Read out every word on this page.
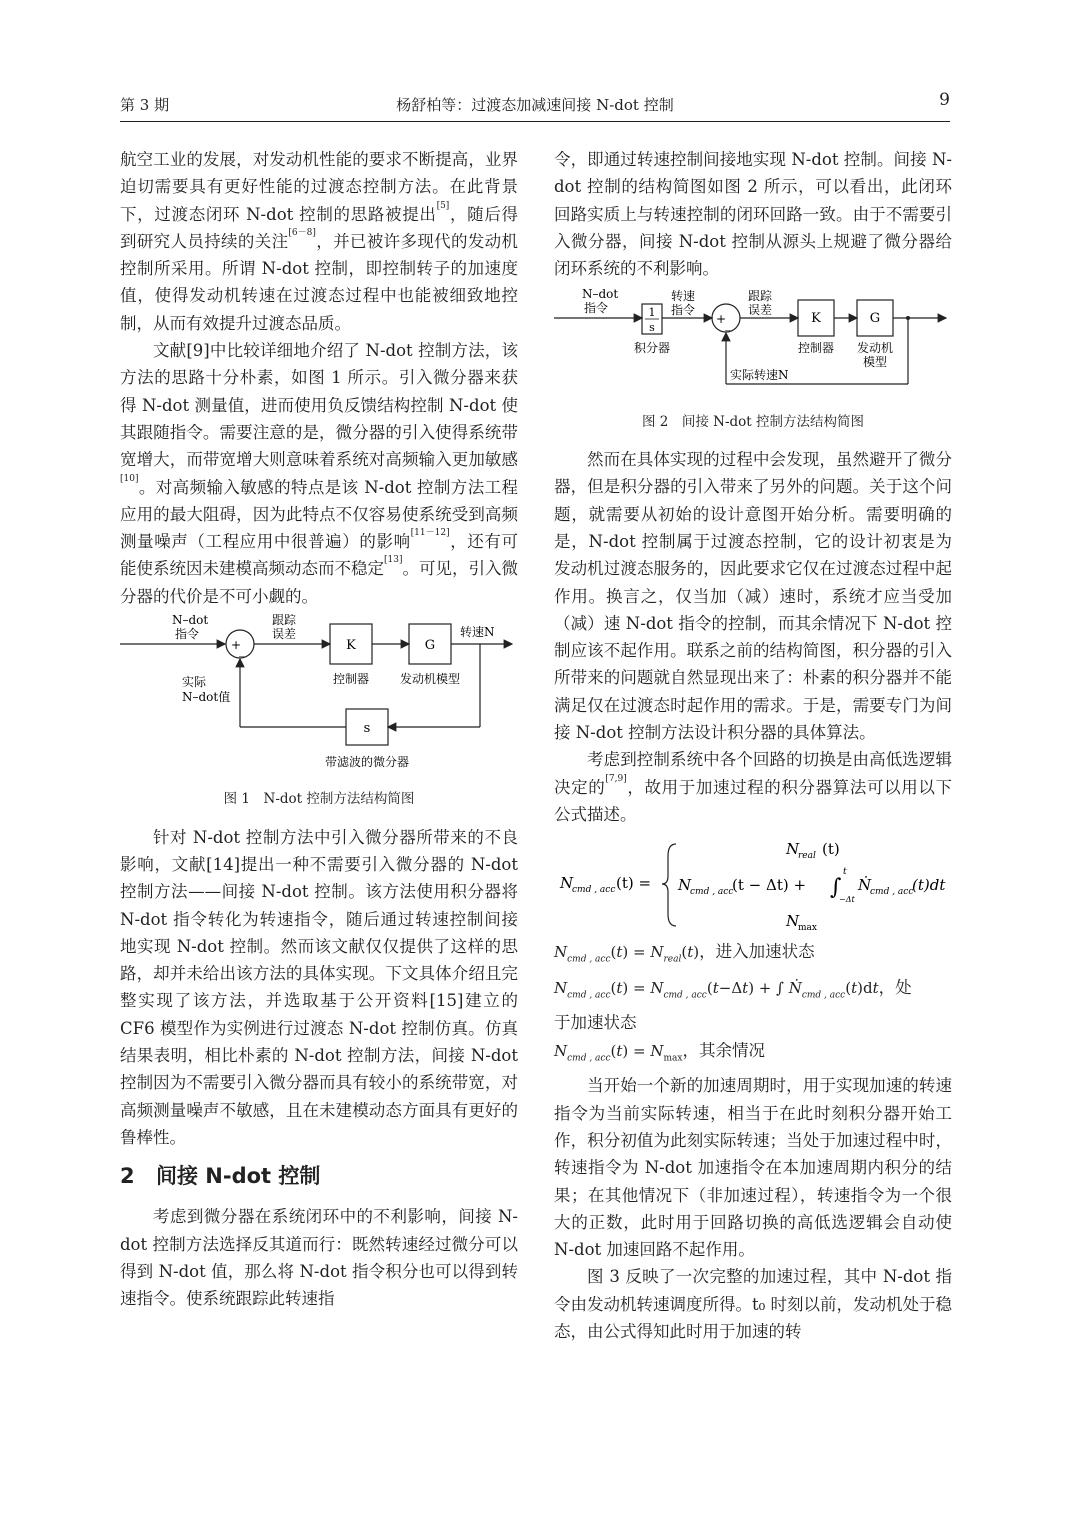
第 3 期	杨舒柏等：过渡态加减速间接 N-dot 控制	9

航空工业的发展，对发动机性能的要求不断提高，业界迫切需要具有更好性能的过渡态控制方法。在此背景下，过渡态闭环 N-dot 控制的思路被提出[5]，随后得到研究人员持续的关注[6－8]，并已被许多现代的发动机控制所采用。所谓 N-dot 控制，即控制转子的加速度值，使得发动机转速在过渡态过程中也能被细致地控制，从而有效提升过渡态品质。

文献[9]中比较详细地介绍了 N-dot 控制方法，该方法的思路十分朴素，如图 1 所示。引入微分器来获得 N-dot 测量值，进而使用负反馈结构控制 N-dot 使其跟随指令。需要注意的是，微分器的引入使得系统带宽增大，而带宽增大则意味着系统对高频输入更加敏感[10]。对高频输入敏感的特点是该 N-dot 控制方法工程应用的最大阻碍，因为此特点不仅容易使系统受到高频测量噪声（工程应用中很普遍）的影响[11－12]，还有可能使系统因未建模高频动态而不稳定[13]。可见，引入微分器的代价是不可小觑的。

N–dot
指令
跟踪
误差
+
_	K	G
转速N
控制器	发动机模型
s
实际
N–dot值
带滤波的微分器
图 1　N-dot 控制方法结构简图

针对 N-dot 控制方法中引入微分器所带来的不良影响，文献[14]提出一种不需要引入微分器的 N-dot 控制方法——间接 N-dot 控制。该方法使用积分器将 N-dot 指令转化为转速指令，随后通过转速控制间接地实现 N-dot 控制。然而该文献仅仅提供了这样的思路，却并未给出该方法的具体实现。下文具体介绍且完整实现了该方法，并选取基于公开资料[15]建立的 CF6 模型作为实例进行过渡态 N-dot 控制仿真。仿真结果表明，相比朴素的 N-dot 控制方法，间接 N-dot 控制因为不需要引入微分器而具有较小的系统带宽，对高频测量噪声不敏感，且在未建模动态方面具有更好的鲁棒性。

2 间接 N-dot 控制

考虑到微分器在系统闭环中的不利影响，间接 N-dot 控制方法选择反其道而行：既然转速经过微分可以得到 N-dot 值，那么将 N-dot 指令积分也可以得到转速指令。使系统跟踪此转速指

令，即通过转速控制间接地实现 N-dot 控制。间接 N-dot 控制的结构简图如图 2 所示，可以看出，此闭环回路实质上与转速控制的闭环回路一致。由于不需要引入微分器，间接 N-dot 控制从源头上规避了微分器给闭环系统的不利影响。

N–dot
指令	1
s
积分器
转速
指令
+
_
跟踪
误差
K
控制器
G
发动机
模型
实际转速N
图 2　间接 N-dot 控制方法结构简图

然而在具体实现的过程中会发现，虽然避开了微分器，但是积分器的引入带来了另外的问题。关于这个问题，就需要从初始的设计意图开始分析。需要明确的是，N-dot 控制属于过渡态控制，它的设计初衷是为发动机过渡态服务的，因此要求它仅在过渡态过程中起作用。换言之，仅当加（减）速时，系统才应当受加（减）速 N-dot 指令的控制，而其余情况下 N-dot 控制应该不起作用。联系之前的结构简图，积分器的引入所带来的问题就自然显现出来了：朴素的积分器并不能满足仅在过渡态时起作用的需求。于是，需要专门为间接 N-dot 控制方法设计积分器的具体算法。

考虑到控制系统中各个回路的切换是由高低选逻辑决定的[7,9]，故用于加速过程的积分器算法可以用以下公式描述。

N
cmd , acc (t) =
N
real (t)
N
cmd , acc
(t − Δt) + ∫
t
−Δt
Ṅ
cmd , acc
(t)dt
N
max

$N_{cmd , acc}(t) = N_{real}(t)$，进入加速状态

$N_{cmd , acc}(t) = N_{cmd , acc}(t-\Delta t)$ + ∫ Ṅ$_{cmd , acc}$(t)dt，处

于加速状态

$N_{cmd , acc}(t) = N_{max}$，其余情况

当开始一个新的加速周期时，用于实现加速的转速指令为当前实际转速，相当于在此时刻积分器开始工作，积分初值为此刻实际转速；当处于加速过程中时，转速指令为 N-dot 加速指令在本加速周期内积分的结果；在其他情况下（非加速过程），转速指令为一个很大的正数，此时用于回路切换的高低选逻辑会自动使 N-dot 加速回路不起作用。

图 3 反映了一次完整的加速过程，其中 N-dot 指令由发动机转速调度所得。t₀ 时刻以前，发动机处于稳态，由公式得知此时用于加速的转
